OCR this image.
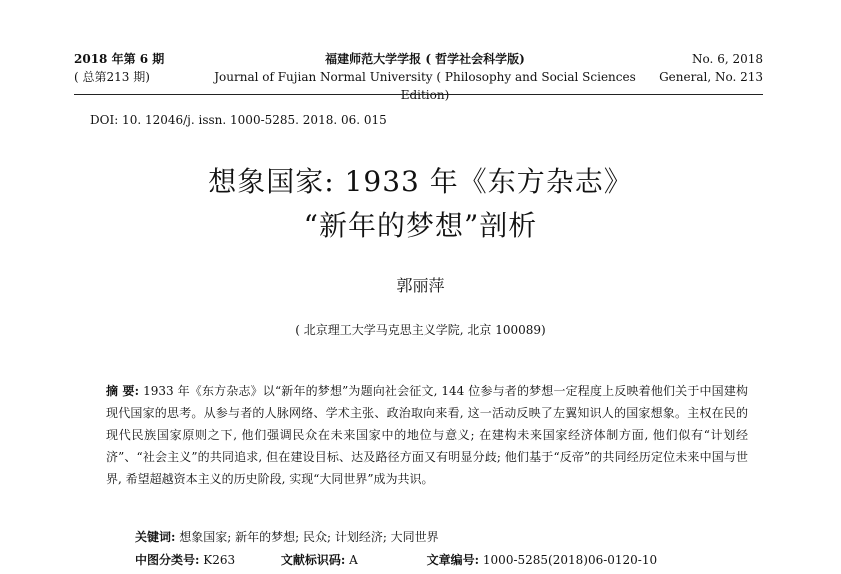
2018 年第 6 期
( 总第213 期)
福建师范大学学报 ( 哲学社会科学版)
Journal of Fujian Normal University ( Philosophy and Social Sciences Edition)
No. 6, 2018
General, No. 213
DOI: 10. 12046/j. issn. 1000-5285. 2018. 06. 015
想象国家: 1933 年《东方杂志》
“新年的梦想”剖析
郭丽萍
( 北京理工大学马克思主义学院, 北京 100089)
摘 要: 1933 年《东方杂志》以“新年的梦想”为题向社会征文, 144 位参与者的梦想一定程度上反映着他们关于中国建构现代国家的思考。从参与者的人脉网络、学术主张、政治取向来看, 这一活动反映了左翼知识人的国家想象。主权在民的现代民族国家原则之下, 他们强调民众在未来国家中的地位与意义; 在建构未来国家经济体制方面, 他们似有“计划经济”、“社会主义”的共同追求, 但在建设目标、达及路径方面又有明显分歧; 他们基于“反帝”的共同经历定位未来中国与世界, 希望超越资本主义的历史阶段, 实现“大同世界”成为共识。
关键词: 想象国家; 新年的梦想; 民众; 计划经济; 大同世界
中图分类号: K263	文献标识码: A	文章编号: 1000-5285(2018)06-0120-10
